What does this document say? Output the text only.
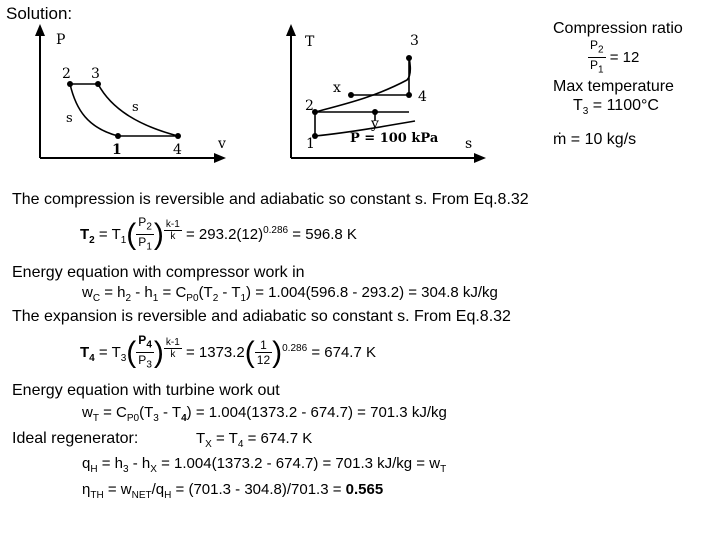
Solution:
P
v
2 3
1	4
s
s
T
s
1
2
3
4
x
y
P = 100 kPa
Compression ratio
$\frac{P_2}{P_1} = 12$
Max temperature
$T_3 = 1100^\circ C$
ṁ = 10 kg/s
The compression is reversible and adiabatic so constant s. From Eq.8.32
$T_2 = T_1( \frac{P_2}{P_1}$ ) $^{\frac{k-1}{k}} = 293.2(12)^{0.286} = 596.8$ K
Energy equation with compressor work in
$w_C = h_2 - h_1 = C_{P0}(T_2 - T_1) = 1.004(596.8 - 293.2) = 304.8$ kJ/kg
The expansion is reversible and adiabatic so constant s. From Eq.8.32
$T_4 = T_3( \frac{P_4}{P_3}$ ) $^{\frac{k-1}{k}} = 1373.2( \frac{1}{12} )^{0.286} = 674.7$ K
Energy equation with turbine work out
$w_T = C_{P0}(T_3 - T_4) = 1.004(1373.2 - 674.7) = 701.3$ kJ/kg
Ideal regenerator:	$T_X = T_4 = 674.7$ K
$q_H = h_3 - h_X = 1.004(1373.2 - 674.7) = 701.3$ $kJ/kg = w_T$
$\eta_{TH} = w_{NET}/q_H = (701.3 - 304.8)/701.3 = 0.565$
